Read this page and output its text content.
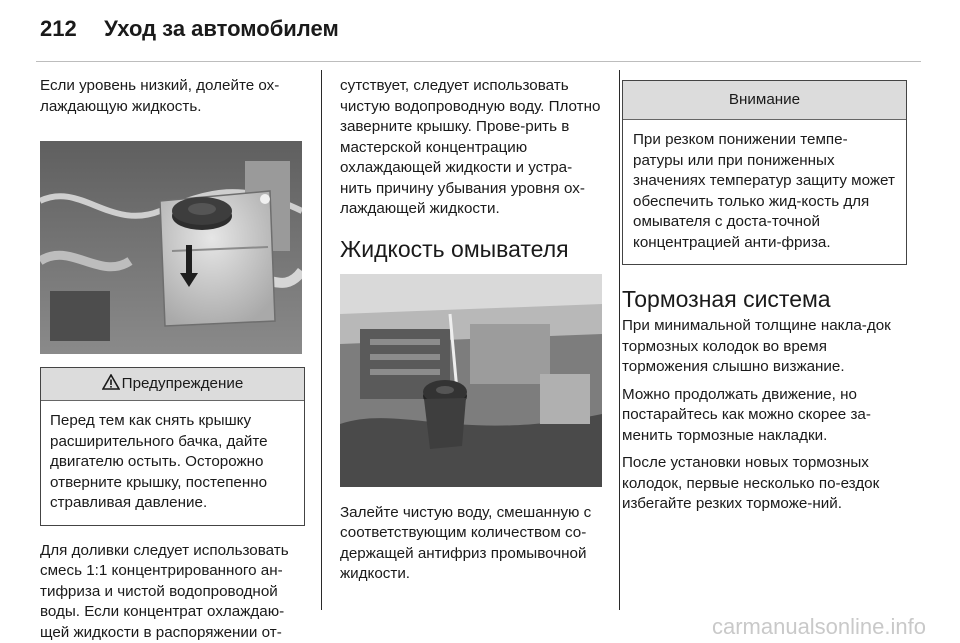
212 Уход за автомобилем

Если уровень низкий, долейте ох-лаждающую жидкость.

Предупреждение
Перед тем как снять крышку расширительного бачка, дайте двигателю остыть. Осторожно отверните крышку, постепенно стравливая давление.

Для доливки следует использовать смесь 1:1 концентрированного ан-тифриза и чистой водопроводной воды. Если концентрат охлаждаю-щей жидкости в распоряжении от-

сутствует, следует использовать чистую водопроводную воду. Плотно заверните крышку. Прове-рить в мастерской концентрацию охлаждающей жидкости и устра-нить причину убывания уровня ох-лаждающей жидкости.

Жидкость омывателя

Залейте чистую воду, смешанную с соответствующим количеством со-держащей антифриз промывочной жидкости.

Внимание
При резком понижении темпе-ратуры или при пониженных значениях температур защиту может обеспечить только жид-кость для омывателя с доста-точной концентрацией анти-фриза.
Тормозная система

При минимальной толщине накла-док тормозных колодок во время торможения слышно визжание.

Можно продолжать движение, но постарайтесь как можно скорее за-менить тормозные накладки.

После установки новых тормозных колодок, первые несколько по-ездок избегайте резких торможе-ний.

carmanualsonline.info
